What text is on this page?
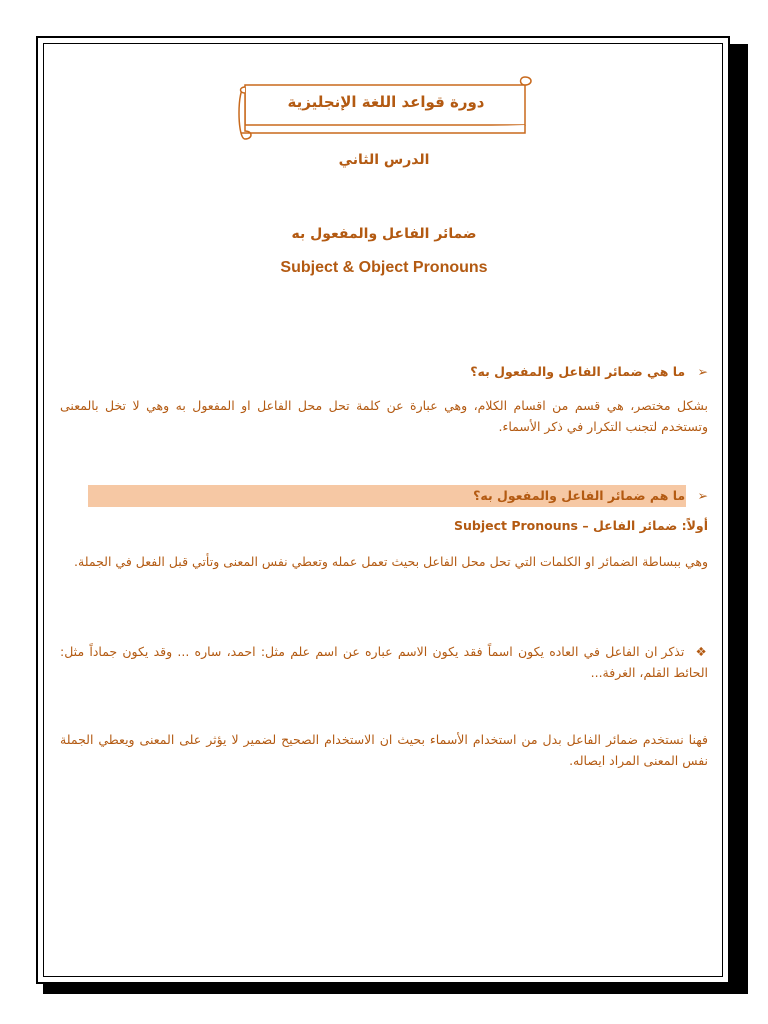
دورة قواعد اللغة الإنجليزية
الدرس الثاني
ضمائر الفاعل والمفعول به
Subject & Object Pronouns
➢ ما هي ضمائر الفاعل والمفعول به؟
بشكل مختصر، هي قسم من اقسام الكلام، وهي عبارة عن كلمة تحل محل الفاعل او المفعول به وهي لا تخل بالمعنى وتستخدم لتجنب التكرار في ذكر الأسماء.
➢ ما هم ضمائر الفاعل والمفعول به؟
أولاً: ضمائر الفاعل – Subject Pronouns
وهي ببساطة الضمائر او الكلمات التي تحل محل الفاعل بحيث تعمل عمله وتعطي نفس المعنى وتأتي قبل الفعل في الجملة.
❖ تذكر ان الفاعل في العاده يكون اسماً فقد يكون الاسم عباره عن اسم علم مثل: احمد، ساره ... وقد يكون جماداً مثل: الحائط القلم، الغرفة...
فهنا نستخدم ضمائر الفاعل بدل من استخدام الأسماء بحيث ان الاستخدام الصحيح لضمير لا يؤثر على المعنى ويعطي الجملة نفس المعنى المراد ايصاله.
